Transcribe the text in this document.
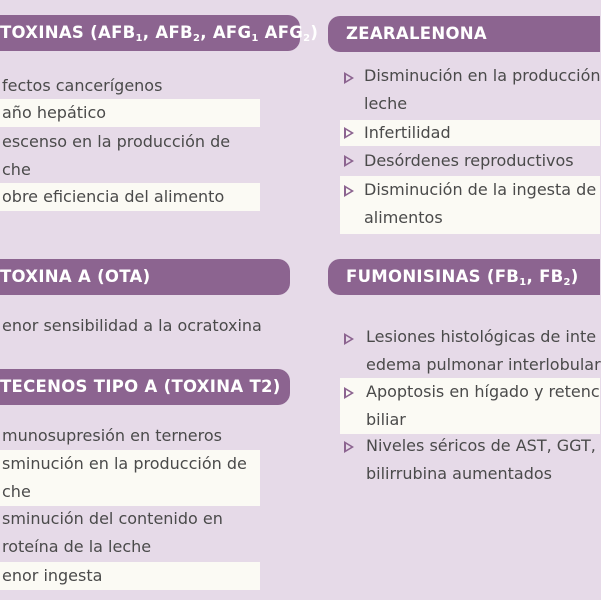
TOXINAS ($AFB_1$, $AFB_2$, $AFG_1$ $AFG_2$)
fectos cancerígenos
año hepático
escenso en la producción de
che
obre eficiencia del alimento
TOXINA A (OTA)
enor sensibilidad a la ocratoxina
TECENOS TIPO A (TOXINA T2)
munosupresión en terneros
sminución en la producción de
che
sminución del contenido en
roteína de la leche
enor ingesta
ZEARALENONA
Disminución en la producción
leche
Infertilidad
Desórdenes reproductivos
Disminución de la ingesta de
alimentos
FUMONISINAS ($FB_1$, $FB_2$)
Lesiones histológicas de inte
edema pulmonar interlobular
Apoptosis en hígado y retenc
biliar
Niveles séricos de AST, GGT,
bilirrubina aumentados
